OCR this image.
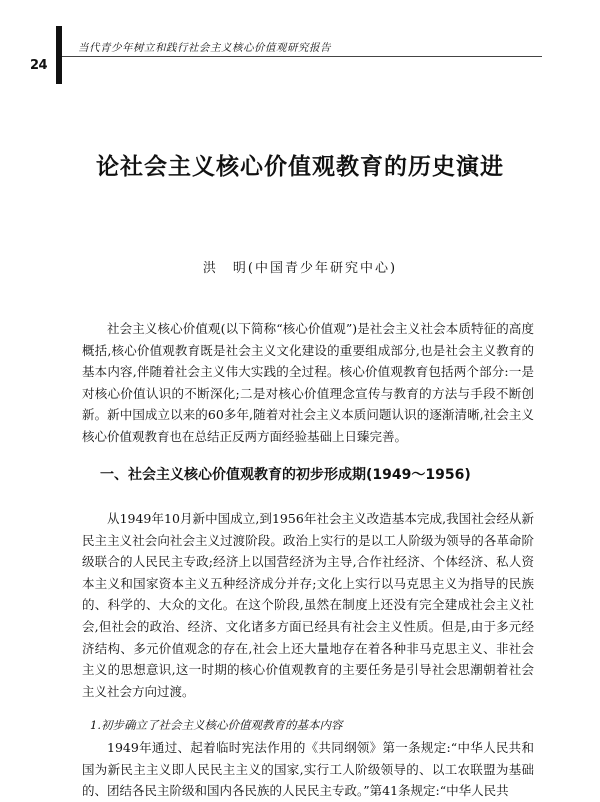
24
当代青少年树立和践行社会主义核心价值观研究报告
论社会主义核心价值观教育的历史演进
洪　明(中国青少年研究中心)

社会主义核心价值观(以下简称“核心价值观”)是社会主义社会本质特征的高度概括,核心价值观教育既是社会主义文化建设的重要组成部分,也是社会主义教育的基本内容,伴随着社会主义伟大实践的全过程。核心价值观教育包括两个部分:一是对核心价值认识的不断深化;二是对核心价值理念宣传与教育的方法与手段不断创新。新中国成立以来的60多年,随着对社会主义本质问题认识的逐渐清晰,社会主义核心价值观教育也在总结正反两方面经验基础上日臻完善。

一、社会主义核心价值观教育的初步形成期(1949～1956)

从1949年10月新中国成立,到1956年社会主义改造基本完成,我国社会经从新民主主义社会向社会主义过渡阶段。政治上实行的是以工人阶级为领导的各革命阶级联合的人民民主专政;经济上以国营经济为主导,合作社经济、个体经济、私人资本主义和国家资本主义五种经济成分并存;文化上实行以马克思主义为指导的民族的、科学的、大众的文化。在这个阶段,虽然在制度上还没有完全建成社会主义社会,但社会的政治、经济、文化诸多方面已经具有社会主义性质。但是,由于多元经济结构、多元价值观念的存在,社会上还大量地存在着各种非马克思主义、非社会主义的思想意识,这一时期的核心价值观教育的主要任务是引导社会思潮朝着社会主义社会方向过渡。

1.初步确立了社会主义核心价值观教育的基本内容

1949年通过、起着临时宪法作用的《共同纲领》第一条规定:“中华人民共和国为新民主主义即人民民主主义的国家,实行工人阶级领导的、以工农联盟为基础的、团结各民主阶级和国内各民族的人民民主专政。”第41条规定:“中华人民共
